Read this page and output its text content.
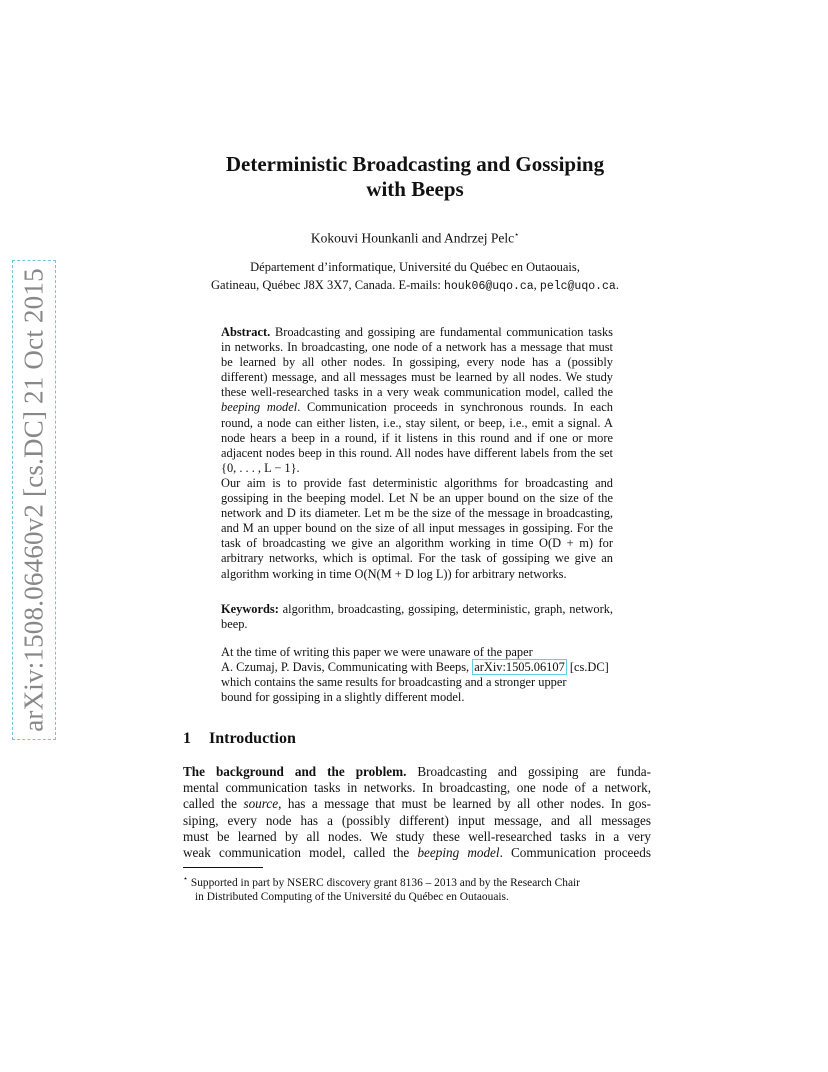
arXiv:1508.06460v2 [cs.DC] 21 Oct 2015
Deterministic Broadcasting and Gossiping
with Beeps
Kokouvi Hounkanli and Andrzej Pelc⋆
Département d’informatique, Université du Québec en Outaouais,
Gatineau, Québec J8X 3X7, Canada. E-mails: houk06@uqo.ca, pelc@uqo.ca.

Abstract. Broadcasting and gossiping are fundamental communication tasks in networks. In broadcasting, one node of a network has a message that must be learned by all other nodes. In gossiping, every node has a (possibly different) message, and all messages must be learned by all nodes. We study these well-researched tasks in a very weak communication model, called the beeping model. Communication proceeds in synchronous rounds. In each round, a node can either listen, i.e., stay silent, or beep, i.e., emit a signal. A node hears a beep in a round, if it listens in this round and if one or more adjacent nodes beep in this round. All nodes have different labels from the set {0, . . . , L − 1}.

Our aim is to provide fast deterministic algorithms for broadcasting and gossiping in the beeping model. Let N be an upper bound on the size of the network and D its diameter. Let m be the size of the message in broadcasting, and M an upper bound on the size of all input messages in gossiping. For the task of broadcasting we give an algorithm working in time O(D + m) for arbitrary networks, which is optimal. For the task of gossiping we give an algorithm working in time O(N(M + D log L)) for arbitrary networks.

Keywords: algorithm, broadcasting, gossiping, deterministic, graph, network, beep.
At the time of writing this paper we were unaware of the paper
A. Czumaj, P. Davis, Communicating with Beeps, arXiv:1505.06107 [cs.DC]
which contains the same results for broadcasting and a stronger upper
bound for gossiping in a slightly different model.
1 Introduction
The background and the problem. Broadcasting and gossiping are funda-
mental communication tasks in networks. In broadcasting, one node of a network,
called the source, has a message that must be learned by all other nodes. In gos-
siping, every node has a (possibly different) input message, and all messages
must be learned by all nodes. We study these well-researched tasks in a very
weak communication model, called the beeping model. Communication proceeds
⋆ Supported in part by NSERC discovery grant 8136 – 2013 and by the Research Chair
in Distributed Computing of the Université du Québec en Outaouais.
